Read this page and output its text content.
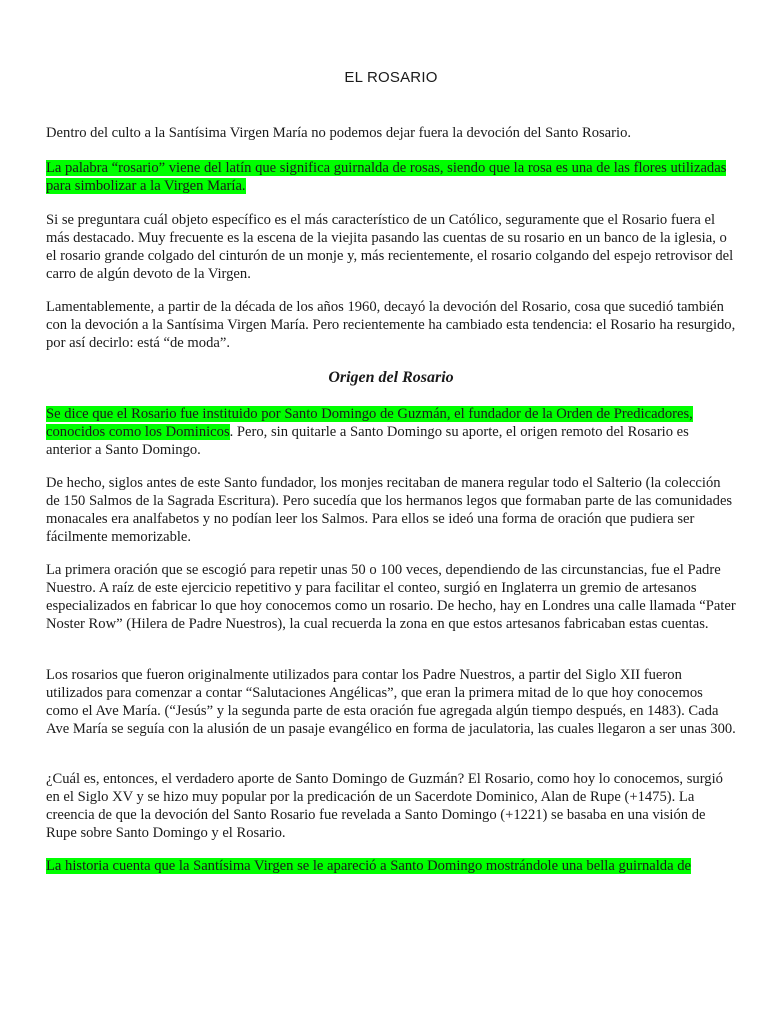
EL ROSARIO

Dentro del culto a la Santísima Virgen María no podemos dejar fuera la devoción del Santo Rosario.

La palabra “rosario” viene del latín que significa guirnalda de rosas, siendo que la rosa es una de las flores utilizadas para simbolizar a la Virgen María.

Si se preguntara cuál objeto específico es el más característico de un Católico, seguramente que el Rosario fuera el más destacado. Muy frecuente es la escena de la viejita pasando las cuentas de su rosario en un banco de la iglesia, o el rosario grande colgado del cinturón de un monje y, más recientemente, el rosario colgando del espejo retrovisor del carro de algún devoto de la Virgen.

Lamentablemente, a partir de la década de los años 1960, decayó la devoción del Rosario, cosa que sucedió también con la devoción a la Santísima Virgen María. Pero recientemente ha cambiado esta tendencia: el Rosario ha resurgido, por así decirlo: está “de moda”.

Origen del Rosario

Se dice que el Rosario fue instituido por Santo Domingo de Guzmán, el fundador de la Orden de Predicadores, conocidos como los Dominicos. Pero, sin quitarle a Santo Domingo su aporte, el origen remoto del Rosario es anterior a Santo Domingo.

De hecho, siglos antes de este Santo fundador, los monjes recitaban de manera regular todo el Salterio (la colección de 150 Salmos de la Sagrada Escritura). Pero sucedía que los hermanos legos que formaban parte de las comunidades monacales era analfabetos y no podían leer los Salmos. Para ellos se ideó una forma de oración que pudiera ser fácilmente memorizable.

La primera oración que se escogió para repetir unas 50 o 100 veces, dependiendo de las circunstancias, fue el Padre Nuestro. A raíz de este ejercicio repetitivo y para facilitar el conteo, surgió en Inglaterra un gremio de artesanos especializados en fabricar lo que hoy conocemos como un rosario. De hecho, hay en Londres una calle llamada “Pater Noster Row” (Hilera de Padre Nuestros), la cual recuerda la zona en que estos artesanos fabricaban estas cuentas.

Los rosarios que fueron originalmente utilizados para contar los Padre Nuestros, a partir del Siglo XII fueron utilizados para comenzar a contar “Salutaciones Angélicas”, que eran la primera mitad de lo que hoy conocemos como el Ave María. (“Jesús” y la segunda parte de esta oración fue agregada algún tiempo después, en 1483). Cada Ave María se seguía con la alusión de un pasaje evangélico en forma de jaculatoria, las cuales llegaron a ser unas 300.

¿Cuál es, entonces, el verdadero aporte de Santo Domingo de Guzmán? El Rosario, como hoy lo conocemos, surgió en el Siglo XV y se hizo muy popular por la predicación de un Sacerdote Dominico, Alan de Rupe (+1475). La creencia de que la devoción del Santo Rosario fue revelada a Santo Domingo (+1221) se basaba en una visión de Rupe sobre Santo Domingo y el Rosario.

La historia cuenta que la Santísima Virgen se le apareció a Santo Domingo mostrándole una bella guirnalda de
